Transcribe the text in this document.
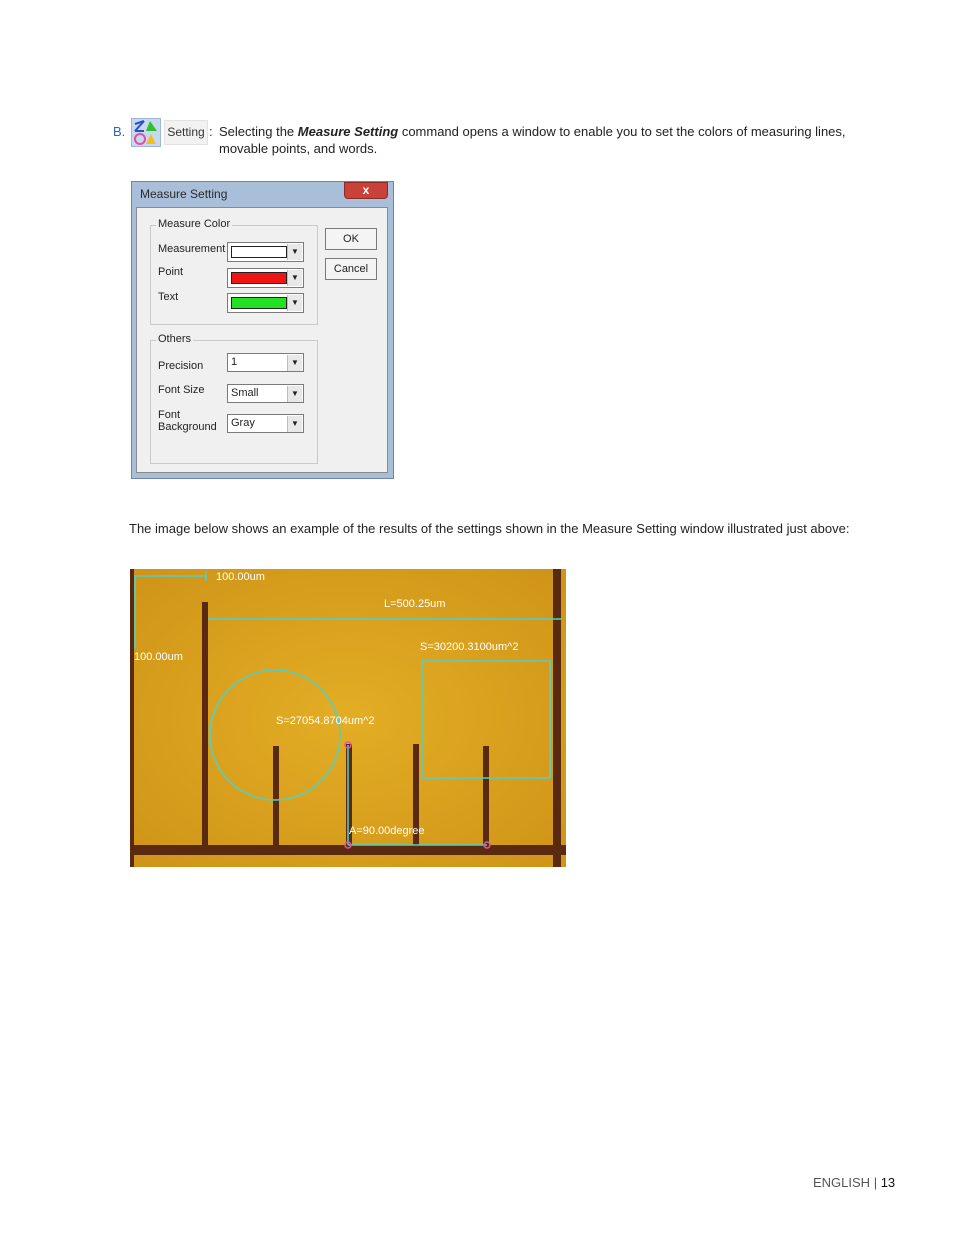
B.	Setting : Selecting the Measure Setting command opens a window to enable you to set the colors of measuring lines, movable points, and words.
Measure Setting	x
Measure Color
Measurement	▼
Point	▼
Text	▼
Others
Precision	1	▼
Font Size	Small	▼
Font
Background	Gray	▼
OK
Cancel
The image below shows an example of the results of the settings shown in the Measure Setting window illustrated just above:
100.00um
100.00um
L=500.25um
S=30200.3100um^2
S=27054.8704um^2
A=90.00degree
ENGLISH | 13
